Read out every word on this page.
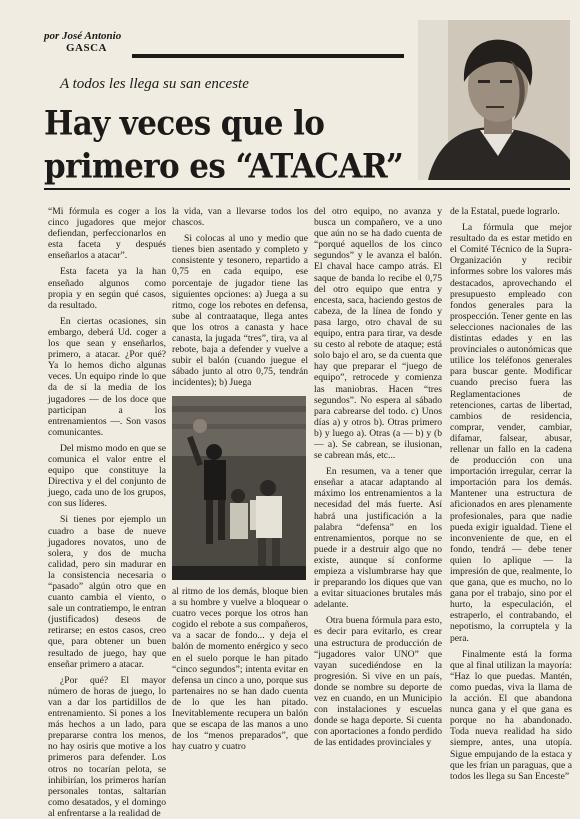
por José Antonio
GASCA
A todos les llega su san enceste
Hay veces que lo
primero es “ATACAR”

“Mi fórmula es coger a los cinco jugadores que mejor defiendan, perfeccionarlos en esta faceta y después enseñarlos a atacar”.

Esta faceta ya la han enseñado algunos como propia y en según qué casos, da resultado.

En ciertas ocasiones, sin embargo, deberá Ud. coger a los que sean y enseñarlos, primero, a atacar. ¿Por qué? Ya lo hemos dicho algunas veces. Un equipo rinde lo que da de sí la media de los jugadores — de los doce que participan a los entrenamientos —. Son vasos comunicantes.

Del mismo modo en que se comunica el valor entre el equipo que constituye la Directiva y el del conjunto de juego, cada uno de los grupos, con sus líderes.

Si tienes por ejemplo un cuadro a base de nueve jugadores novatos, uno de solera, y dos de mucha calidad, pero sin madurar en la consistencia necesaria o “pasado” algún otro que en cuanto cambia el viento, o sale un contratiempo, le entran (justificados) deseos de retirarse; en estos casos, creo que, para obtener un buen resultado de juego, hay que enseñar primero a atacar.

¿Por qué? El mayor número de horas de juego, lo van a dar los partidillos de entrenamiento. Si pones a los más hechos a un lado, para prepararse contra los menos, no hay osiris que motive a los primeros para defender. Los otros no tocarían pelota, se inhibirían, los primeros harían personales tontas, saltarían como desatados, y el domingo al enfrentarse a la realidad de

la vida, van a llevarse todos los chascos.

Si colocas al uno y medio que tienes bien asentado y completo y consistente y tesonero, repartido a 0,75 en cada equipo, ese porcentaje de jugador tiene las siguientes opciones: a) Juega a su ritmo, coge los rebotes en defensa, sube al contraataque, llega antes que los otros a canasta y hace canasta, la jugada “tres”, tira, va al rebote, baja a defender y vuelve a subir el balón (cuando juegue el sábado junto al otro 0,75, tendrán incidentes); b) Juega

al ritmo de los demás, bloque bien a su hombre y vuelve a bloquear o cuatro veces porque los otros han cogido el rebote a sus compañeros, va a sacar de fondo... y deja el balón de momento enérgico y seco en el suelo porque le han pitado “cinco segundos”; intenta evitar en defensa un cinco a uno, porque sus partenaires no se han dado cuenta de lo que les han pitado. Inevitablemente recupera un balón que se escapa de las manos a uno de los “menos preparados”, que hay cuatro y cuatro

del otro equipo, no avanza y busca un compañero, ve a uno que aún no se ha dado cuenta de “porqué aquellos de los cinco segundos” y le avanza el balón. El chaval hace campo atrás. El saque de banda lo recibe el 0,75 del otro equipo que entra y encesta, saca, haciendo gestos de cabeza, de la línea de fondo y pasa largo, otro chaval de su equipo, entra para tirar, va desde su cesto al rebote de ataque; está solo bajo el aro, se da cuenta que hay que preparar el “juego de equipo”, retrocede y comienza las maniobras. Hacen “tres segundos”. No espera al sábado para cabrearse del todo. c) Unos días a) y otros b). Otras primero b) y luego a). Otras (a — b) y (b — a). Se cabrean, se ilusionan, se cabrean más, etc...

En resumen, va a tener que enseñar a atacar adaptando al máximo los entrenamientos a la necesidad del más fuerte. Así habrá una justificación a la palabra “defensa” en los entrenamientos, porque no se puede ir a destruir algo que no existe, aunque sí conforme empieza a vislumbrarse hay que ir preparando los diques que van a evitar situaciones brutales más adelante.

Otra buena fórmula para esto, es decir para evitarlo, es crear una estructura de producción de “jugadores valor UNO” que vayan sucediéndose en la progresión. Si vive en un país, donde se nombre su deporte de vez en cuando, en un Municipio con instalaciones y escuelas donde se haga deporte. Si cuenta con aportaciones a fondo perdido de las entidades provinciales y

de la Estatal, puede lograrlo.

La fórmula que mejor resultado da es estar metido en el Comité Técnico de la Supra-Organización y recibir informes sobre los valores más destacados, aprovechando el presupuesto empleado con fondos generales para la prospección. Tener gente en las selecciones nacionales de las distintas edades y en las provinciales o autonómicas que utilice los teléfonos generales para buscar gente. Modificar cuando preciso fuera las Reglamentaciones de retenciones, cartas de libertad, cambios de residencia, comprar, vender, cambiar, difamar, falsear, abusar, rellenar un fallo en la cadena de producción con una importación irregular, cerrar la importación para los demás. Mantener una estructura de aficionados en ares plenamente profesionales, para que nadie pueda exigir igualdad. Tiene el inconveniente de que, en el fondo, tendrá — debe tener quien lo aplique — la impresión de que, realmente, lo que gana, que es mucho, no lo gana por el trabajo, sino por el hurto, la especulación, el estraperlo, el contrabando, el nepotismo, la corruptela y la pera.

Finalmente está la forma que al final utilizan la mayoría: “Haz lo que puedas. Mantén, como puedas, viva la llama de la acción. El que abandona nunca gana y el que gana es porque no ha abandonado. Toda nueva realidad ha sido siempre, antes, una utopía. Sigue empujando de la estaca y que les frían un paraguas, que a todos les llega su San Enceste”
